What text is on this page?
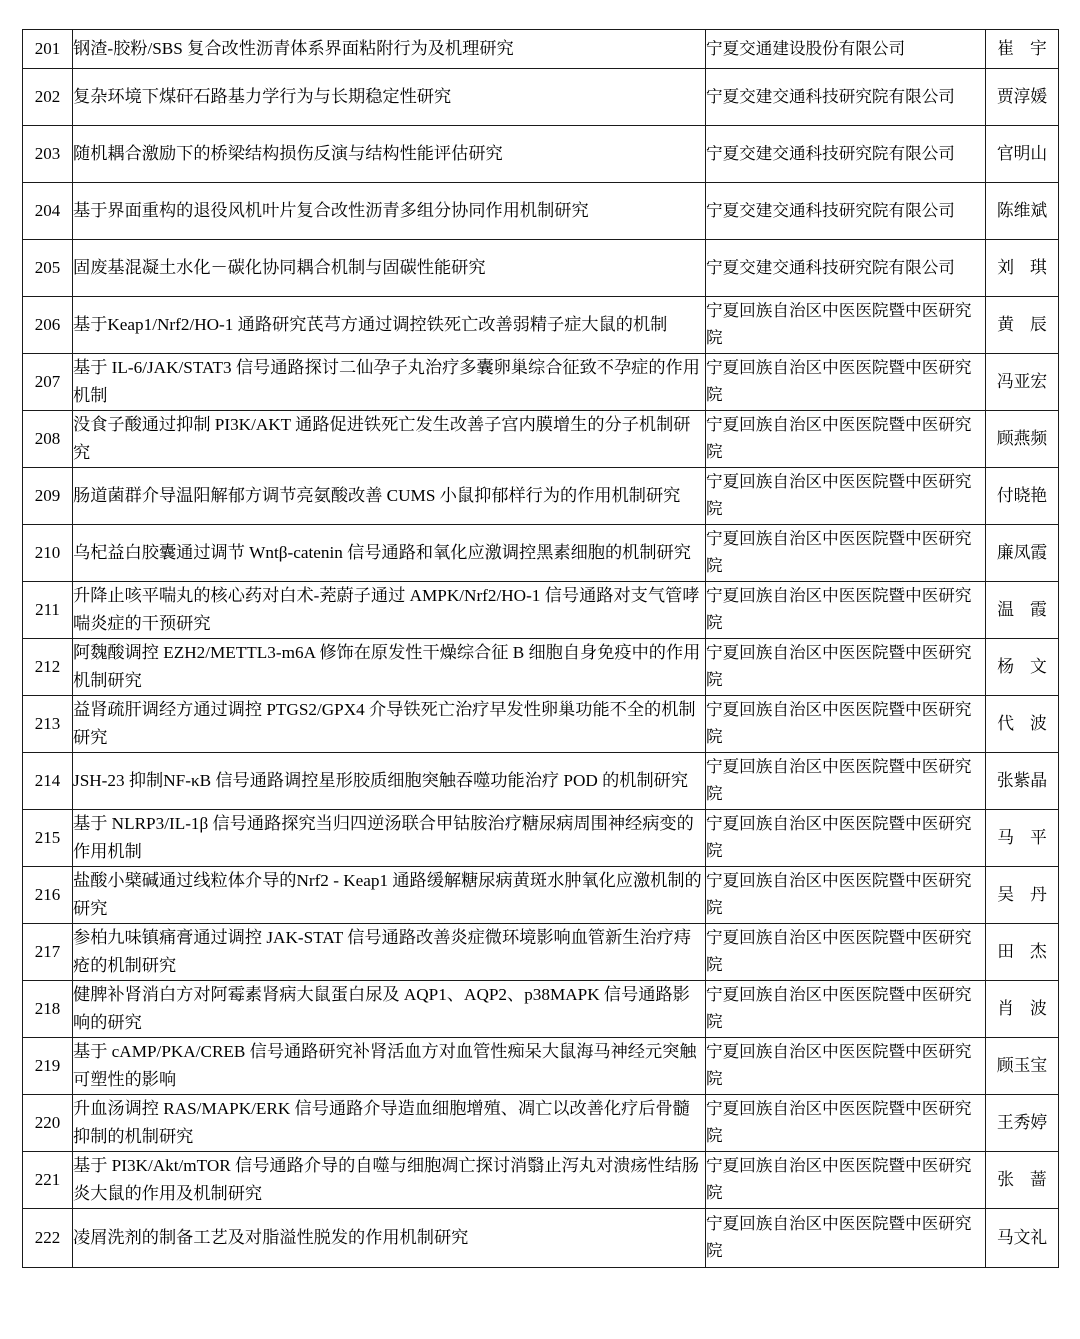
201	钢渣-胶粉/SBS 复合改性沥青体系界面粘附行为及机理研究	宁夏交通建设股份有限公司	崔 宇
202	复杂环境下煤矸石路基力学行为与长期稳定性研究	宁夏交建交通科技研究院有限公司	贾淳媛
203	随机耦合激励下的桥梁结构损伤反演与结构性能评估研究	宁夏交建交通科技研究院有限公司	官明山
204	基于界面重构的退役风机叶片复合改性沥青多组分协同作用机制研究	宁夏交建交通科技研究院有限公司	陈维斌
205	固废基混凝土水化－碳化协同耦合机制与固碳性能研究	宁夏交建交通科技研究院有限公司	刘 琪
206	基于Keap1/Nrf2/HO-1 通路研究芪芎方通过调控铁死亡改善弱精子症大鼠的机制	宁夏回族自治区中医医院暨中医研究院	黄 辰
207	基于 IL-6/JAK/STAT3 信号通路探讨二仙孕子丸治疗多囊卵巢综合征致不孕症的作用机制	宁夏回族自治区中医医院暨中医研究院	冯亚宏
208	没食子酸通过抑制 PI3K/AKT 通路促进铁死亡发生改善子宫内膜增生的分子机制研究	宁夏回族自治区中医医院暨中医研究院	顾燕频
209	肠道菌群介导温阳解郁方调节亮氨酸改善 CUMS 小鼠抑郁样行为的作用机制研究	宁夏回族自治区中医医院暨中医研究院	付晓艳
210	乌杞益白胶囊通过调节 Wntβ-catenin 信号通路和氧化应激调控黑素细胞的机制研究	宁夏回族自治区中医医院暨中医研究院	廉凤霞
211	升降止咳平喘丸的核心药对白术-茺蔚子通过 AMPK/Nrf2/HO-1 信号通路对支气管哮喘炎症的干预研究	宁夏回族自治区中医医院暨中医研究院	温 霞
212	阿魏酸调控 EZH2/METTL3-m6A 修饰在原发性干燥综合征 B 细胞自身免疫中的作用机制研究	宁夏回族自治区中医医院暨中医研究院	杨 文
213	益肾疏肝调经方通过调控 PTGS2/GPX4 介导铁死亡治疗早发性卵巢功能不全的机制研究	宁夏回族自治区中医医院暨中医研究院	代 波
214	JSH-23 抑制NF-κB 信号通路调控星形胶质细胞突触吞噬功能治疗 POD 的机制研究	宁夏回族自治区中医医院暨中医研究院	张紫晶
215	基于 NLRP3/IL-1β 信号通路探究当归四逆汤联合甲钴胺治疗糖尿病周围神经病变的作用机制	宁夏回族自治区中医医院暨中医研究院	马 平
216	盐酸小檗碱通过线粒体介导的Nrf2 - Keap1 通路缓解糖尿病黄斑水肿氧化应激机制的研究	宁夏回族自治区中医医院暨中医研究院	吴 丹
217	参柏九味镇痛膏通过调控 JAK-STAT 信号通路改善炎症微环境影响血管新生治疗痔疮的机制研究	宁夏回族自治区中医医院暨中医研究院	田 杰
218	健脾补肾消白方对阿霉素肾病大鼠蛋白尿及 AQP1、AQP2、p38MAPK 信号通路影响的研究	宁夏回族自治区中医医院暨中医研究院	肖 波
219	基于 cAMP/PKA/CREB 信号通路研究补肾活血方对血管性痴呆大鼠海马神经元突触可塑性的影响	宁夏回族自治区中医医院暨中医研究院	顾玉宝
220	升血汤调控 RAS/MAPK/ERK 信号通路介导造血细胞增殖、凋亡以改善化疗后骨髓抑制的机制研究	宁夏回族自治区中医医院暨中医研究院	王秀婷
221	基于 PI3K/Akt/mTOR 信号通路介导的自噬与细胞凋亡探讨消翳止泻丸对溃疡性结肠炎大鼠的作用及机制研究	宁夏回族自治区中医医院暨中医研究院	张 蔷
222	凌屑洗剂的制备工艺及对脂溢性脱发的作用机制研究	宁夏回族自治区中医医院暨中医研究院	马文礼
